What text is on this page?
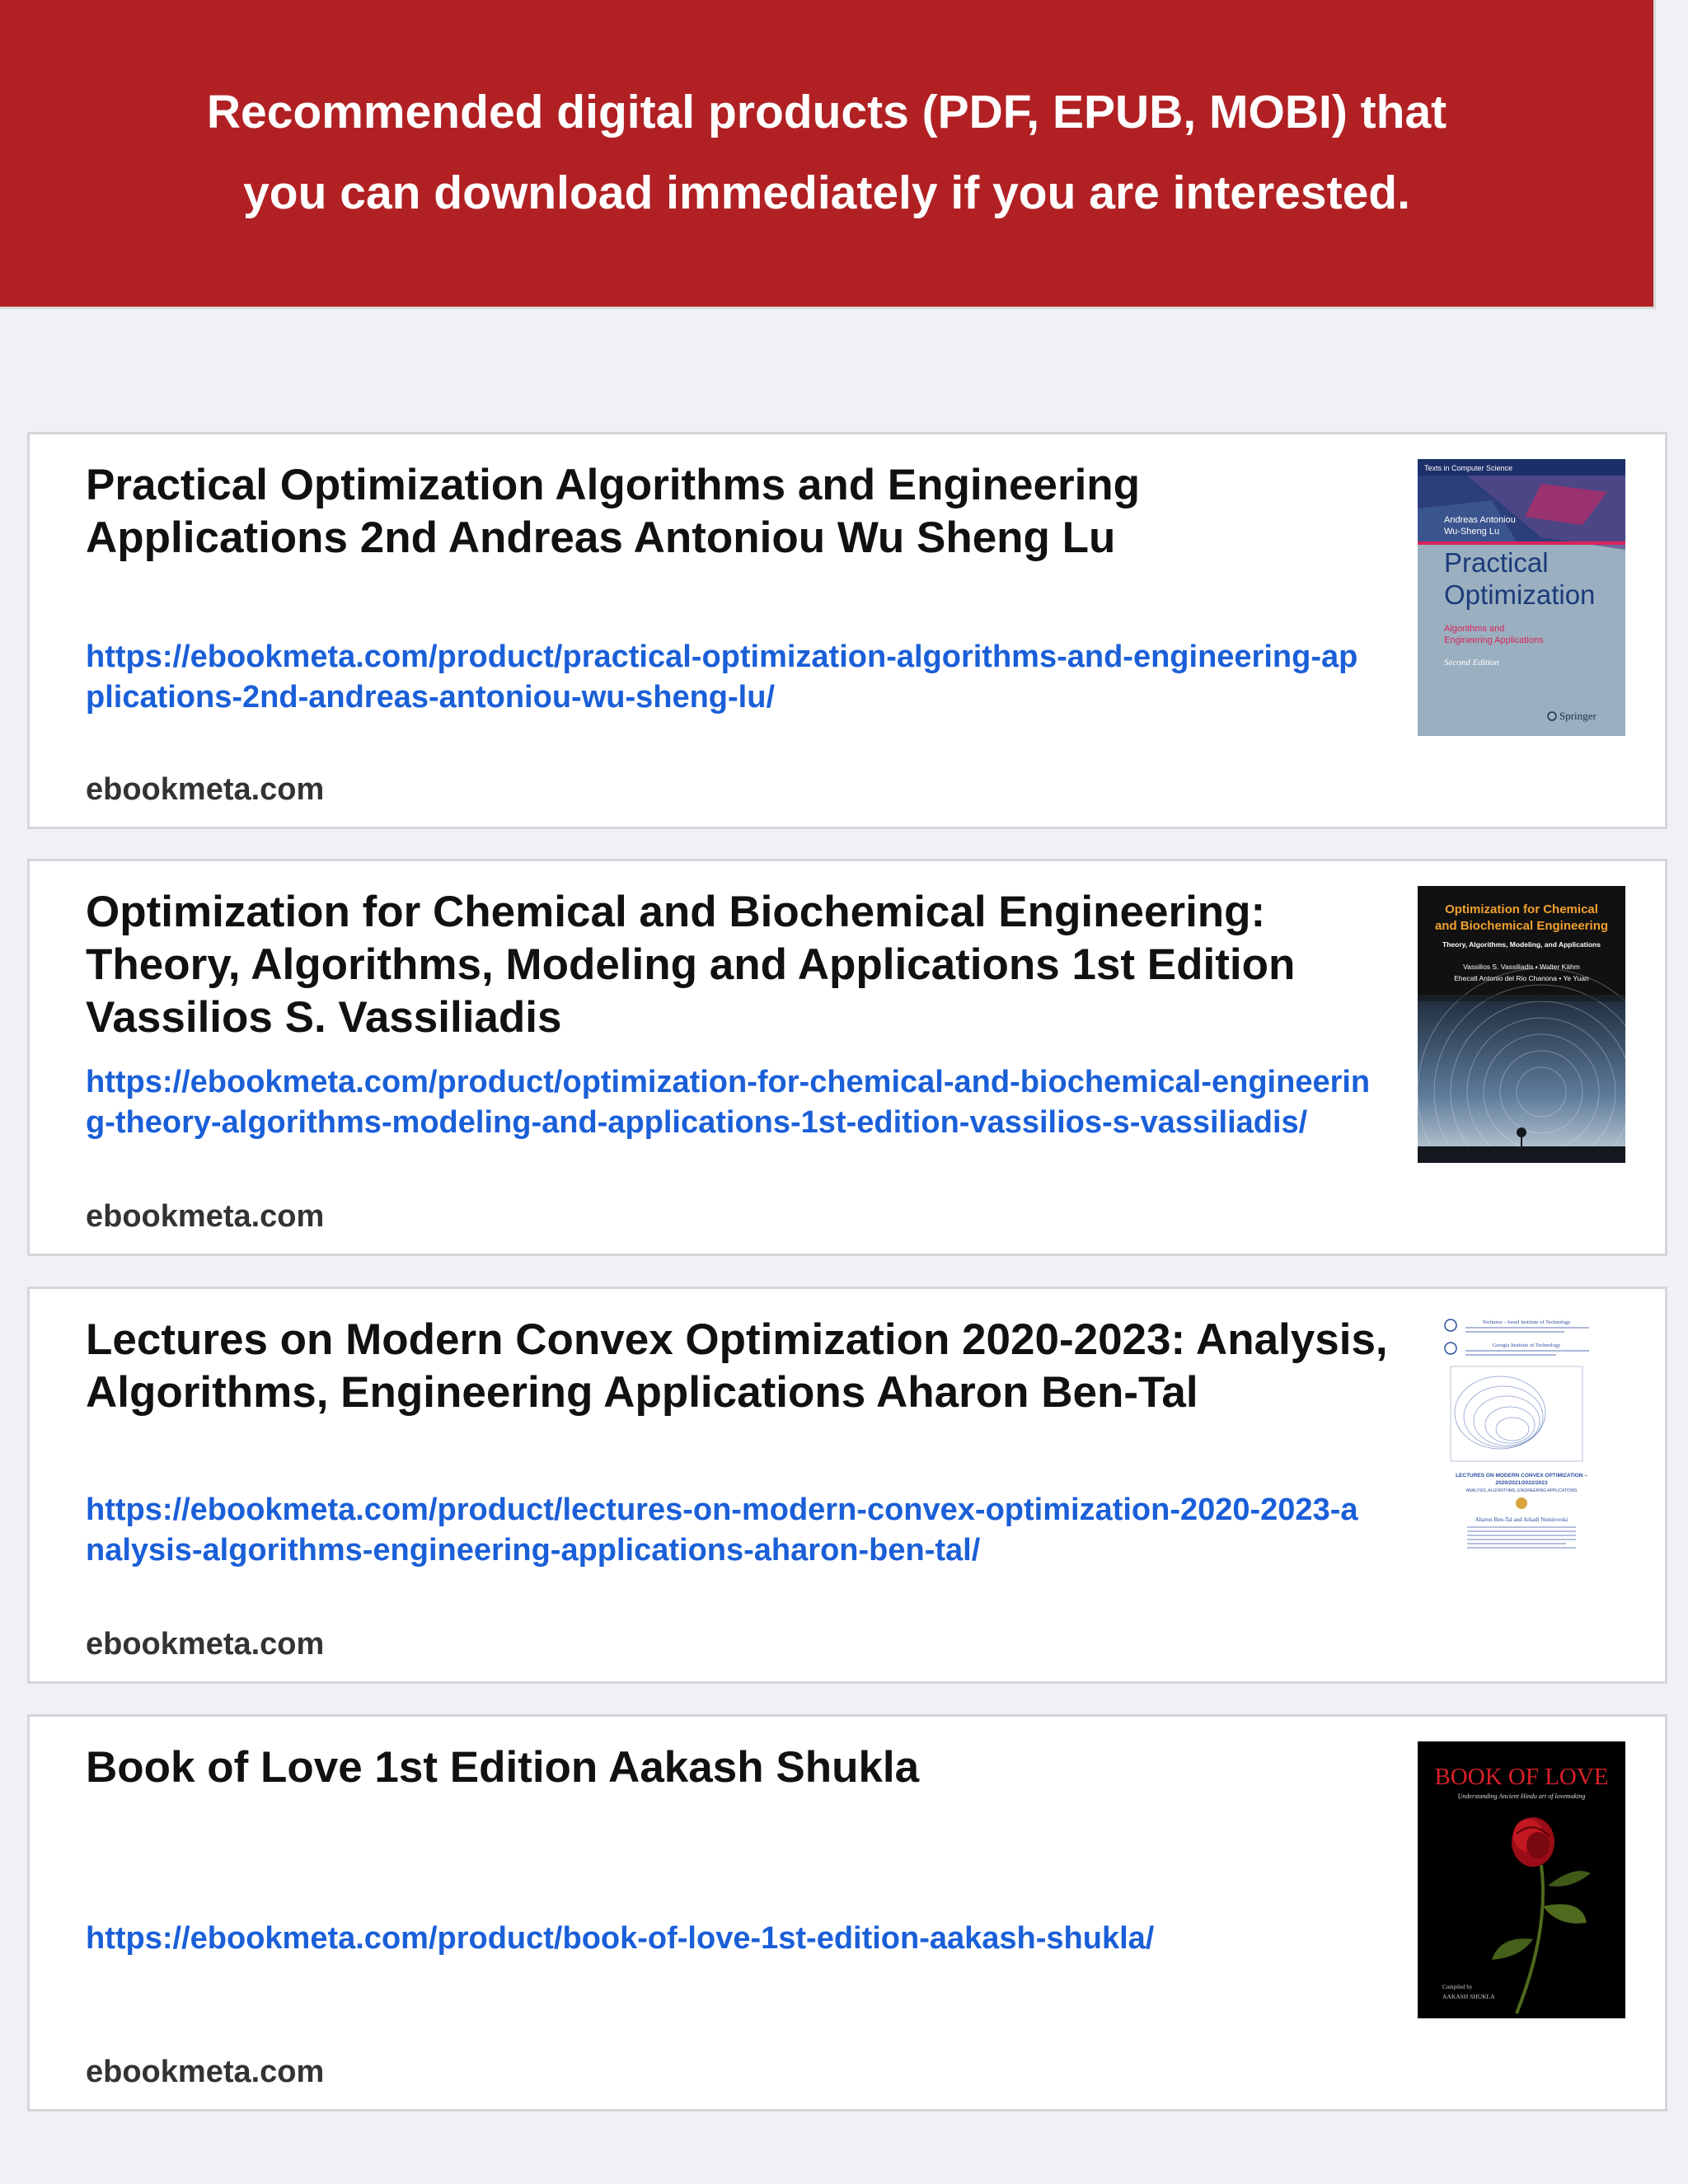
Recommended digital products (PDF, EPUB, MOBI) that
you can download immediately if you are interested.
Practical Optimization Algorithms and Engineering Applications 2nd Andreas Antoniou Wu Sheng Lu
https://ebookmeta.com/product/practical-optimization-algorithms-and-engineering-applications-2nd-andreas-antoniou-wu-sheng-lu/
ebookmeta.com
Texts in Computer Science
Andreas Antoniou
Wu-Sheng Lu
Practical
Optimization
Algorithms and
Engineering Applications
Second Edition
Springer
Optimization for Chemical and Biochemical Engineering: Theory, Algorithms, Modeling and Applications 1st Edition Vassilios S. Vassiliadis
https://ebookmeta.com/product/optimization-for-chemical-and-biochemical-engineering-theory-algorithms-modeling-and-applications-1st-edition-vassilios-s-vassiliadis/
ebookmeta.com
Optimization for Chemical
and Biochemical Engineering
Theory, Algorithms, Modeling, and Applications
Vassilios S. Vassiliadis • Walter Kähm
Ehecatl Antonio del Rio Chanona • Ye Yuan
Lectures on Modern Convex Optimization 2020-2023: Analysis, Algorithms, Engineering Applications Aharon Ben-Tal
https://ebookmeta.com/product/lectures-on-modern-convex-optimization-2020-2023-analysis-algorithms-engineering-applications-aharon-ben-tal/
ebookmeta.com
Technion – Israel Institute of Technology
Georgia Institute of Technology
LECTURES ON MODERN CONVEX OPTIMIZATION –
2020/2021/2022/2023
ANALYSIS, ALGORITHMS, ENGINEERING APPLICATIONS
Aharon Ben-Tal and Arkadi Nemirovski
Book of Love 1st Edition Aakash Shukla
https://ebookmeta.com/product/book-of-love-1st-edition-aakash-shukla/
ebookmeta.com
BOOK OF LOVE
Understanding Ancient Hindu art of lovemaking
Compiled by
AAKASH SHUKLA
